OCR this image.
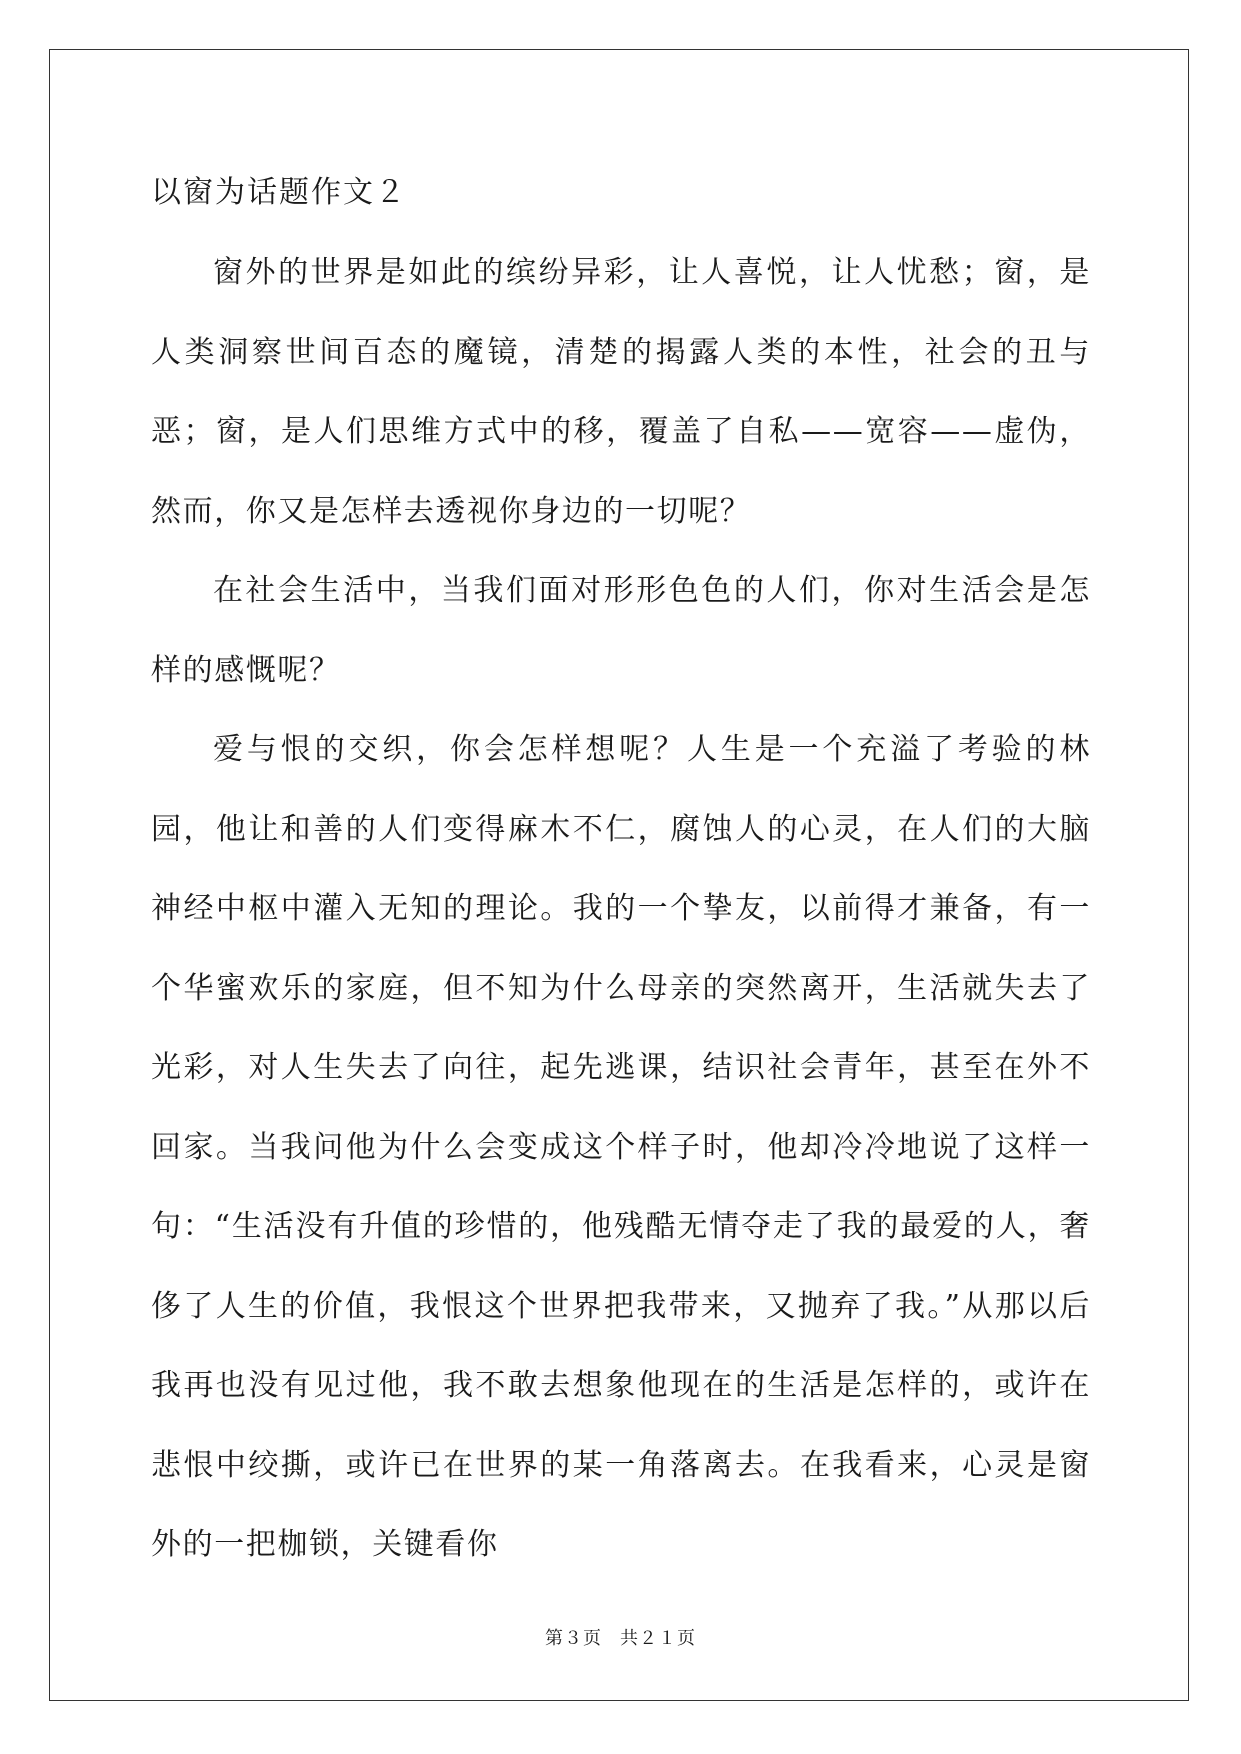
以窗为话题作文２

窗外的世界是如此的缤纷异彩，让人喜悦，让人忧愁；窗，是人类洞察世间百态的魔镜，清楚的揭露人类的本性，社会的丑与恶；窗，是人们思维方式中的移，覆盖了自私——宽容——虚伪，然而，你又是怎样去透视你身边的一切呢？

在社会生活中，当我们面对形形色色的人们，你对生活会是怎样的感慨呢？

爱与恨的交织，你会怎样想呢？人生是一个充溢了考验的林园，他让和善的人们变得麻木不仁，腐蚀人的心灵，在人们的大脑神经中枢中灌入无知的理论。我的一个挚友，以前得才兼备，有一个华蜜欢乐的家庭，但不知为什么母亲的突然离开，生活就失去了光彩，对人生失去了向往，起先逃课，结识社会青年，甚至在外不回家。当我问他为什么会变成这个样子时，他却冷冷地说了这样一句：“生活没有升值的珍惜的，他残酷无情夺走了我的最爱的人，奢侈了人生的价值，我恨这个世界把我带来，又抛弃了我。”从那以后我再也没有见过他，我不敢去想象他现在的生活是怎样的，或许在悲恨中绞撕，或许已在世界的某一角落离去。在我看来，心灵是窗外的一把枷锁，关键看你

第３页 共２１页
